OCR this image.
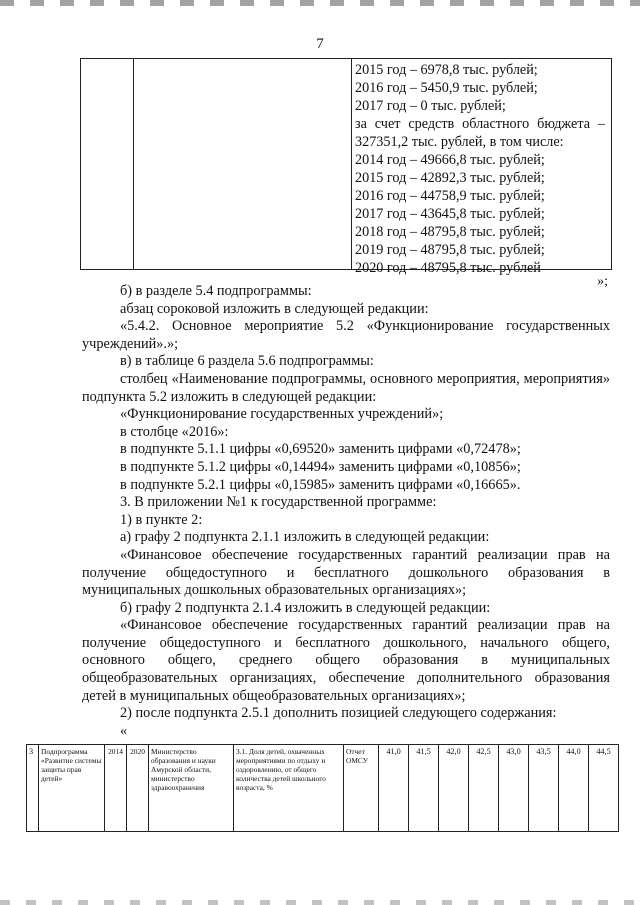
7
2015 год – 6978,8 тыс. рублей;
2016 год – 5450,9 тыс. рублей;
2017 год – 0 тыс. рублей;
за счет средств областного бюджета –
327351,2 тыс. рублей, в том числе:
2014 год – 49666,8 тыс. рублей;
2015 год – 42892,3 тыс. рублей;
2016 год – 44758,9 тыс. рублей;
2017 год – 43645,8 тыс. рублей;
2018 год – 48795,8 тыс. рублей;
2019 год – 48795,8 тыс. рублей;
2020 год – 48795,8 тыс. рублей
»;

б) в разделе 5.4 подпрограммы:

абзац сороковой изложить в следующей редакции:

«5.4.2. Основное мероприятие 5.2 «Функционирование государственных учреждений».»;

в) в таблице 6 раздела 5.6 подпрограммы:

столбец «Наименование подпрограммы, основного мероприятия, мероприятия» подпункта 5.2 изложить в следующей редакции:

«Функционирование государственных учреждений»;

в столбце «2016»:

в подпункте 5.1.1 цифры «0,69520» заменить цифрами «0,72478»;

в подпункте 5.1.2 цифры «0,14494» заменить цифрами «0,10856»;

в подпункте 5.2.1 цифры «0,15985» заменить цифрами «0,16665».

3. В приложении №1 к государственной программе:

1) в пункте 2:

а) графу 2 подпункта 2.1.1 изложить в следующей редакции:

«Финансовое обеспечение государственных гарантий реализации прав на получение общедоступного и бесплатного дошкольного образования в муниципальных дошкольных образовательных организациях»;

б) графу 2 подпункта 2.1.4 изложить в следующей редакции:

«Финансовое обеспечение государственных гарантий реализации прав на получение общедоступного и бесплатного дошкольного, начального общего, основного общего, среднего общего образования в муниципальных общеобразовательных организациях, обеспечение дополнительного образования детей в муниципальных общеобразовательных организациях»;

2) после подпункта 2.5.1 дополнить позицией следующего содержания:

«

3	Подпрограмма «Развитие системы защиты прав детей»	2014	2020	Министерство образования и науки Амурской области, министерство здравоохранения	3.1. Доля детей, охваченных мероприятиями по отдыху и оздоровлению, от общего количества детей школьного возраста, %	Отчет ОМСУ	41,0	41,5	42,0	42,5	43,0	43,5	44,0	44,5
